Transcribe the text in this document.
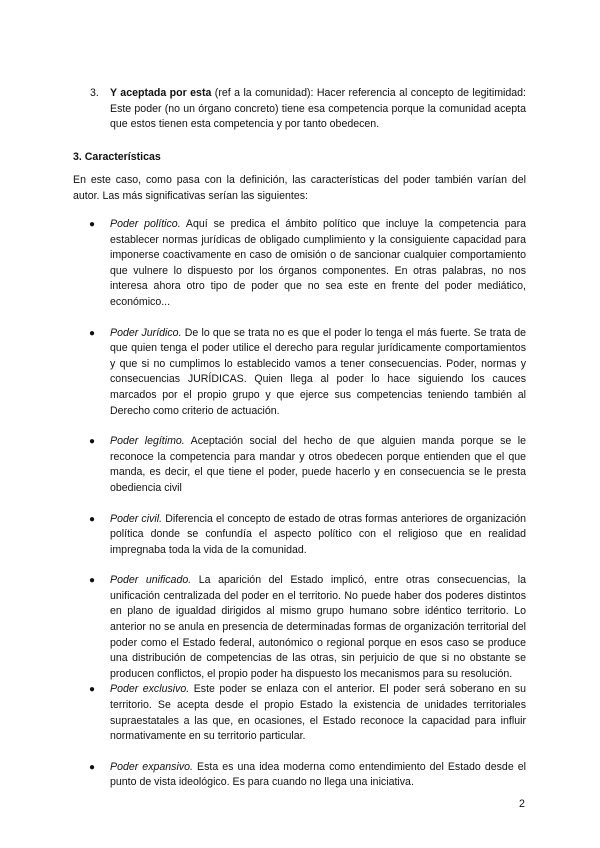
3. Y aceptada por esta (ref a la comunidad): Hacer referencia al concepto de legitimidad: Este poder (no un órgano concreto) tiene esa competencia porque la comunidad acepta que estos tienen esta competencia y por tanto obedecen.
3. Características
En este caso, como pasa con la definición, las características del poder también varían del autor. Las más significativas serían las siguientes:
● Poder político. Aquí se predica el ámbito político que incluye la competencia para establecer normas jurídicas de obligado cumplimiento y la consiguiente capacidad para imponerse coactivamente en caso de omisión o de sancionar cualquier comportamiento que vulnere lo dispuesto por los órganos componentes. En otras palabras, no nos interesa ahora otro tipo de poder que no sea este en frente del poder mediático, económico...
● Poder Jurídico. De lo que se trata no es que el poder lo tenga el más fuerte. Se trata de que quien tenga el poder utilice el derecho para regular jurídicamente comportamientos y que si no cumplimos lo establecido vamos a tener consecuencias. Poder, normas y consecuencias JURÍDICAS. Quien llega al poder lo hace siguiendo los cauces marcados por el propio grupo y que ejerce sus competencias teniendo también al Derecho como criterio de actuación.
● Poder legítimo. Aceptación social del hecho de que alguien manda porque se le reconoce la competencia para mandar y otros obedecen porque entienden que el que manda, es decir, el que tiene el poder, puede hacerlo y en consecuencia se le presta obediencia civil
● Poder civil. Diferencia el concepto de estado de otras formas anteriores de organización política donde se confundía el aspecto político con el religioso que en realidad impregnaba toda la vida de la comunidad.
● Poder unificado. La aparición del Estado implicó, entre otras consecuencias, la unificación centralizada del poder en el territorio. No puede haber dos poderes distintos en plano de igualdad dirigidos al mismo grupo humano sobre idéntico territorio. Lo anterior no se anula en presencia de determinadas formas de organización territorial del poder como el Estado federal, autonómico o regional porque en esos caso se produce una distribución de competencias de las otras, sin perjuicio de que si no obstante se producen conflictos, el propio poder ha dispuesto los mecanismos para su resolución.
● Poder exclusivo. Este poder se enlaza con el anterior. El poder será soberano en su territorio. Se acepta desde el propio Estado la existencia de unidades territoriales supraestatales a las que, en ocasiones, el Estado reconoce la capacidad para influir normativamente en su territorio particular.
● Poder expansivo. Esta es una idea moderna como entendimiento del Estado desde el punto de vista ideológico. Es para cuando no llega una iniciativa.
2
